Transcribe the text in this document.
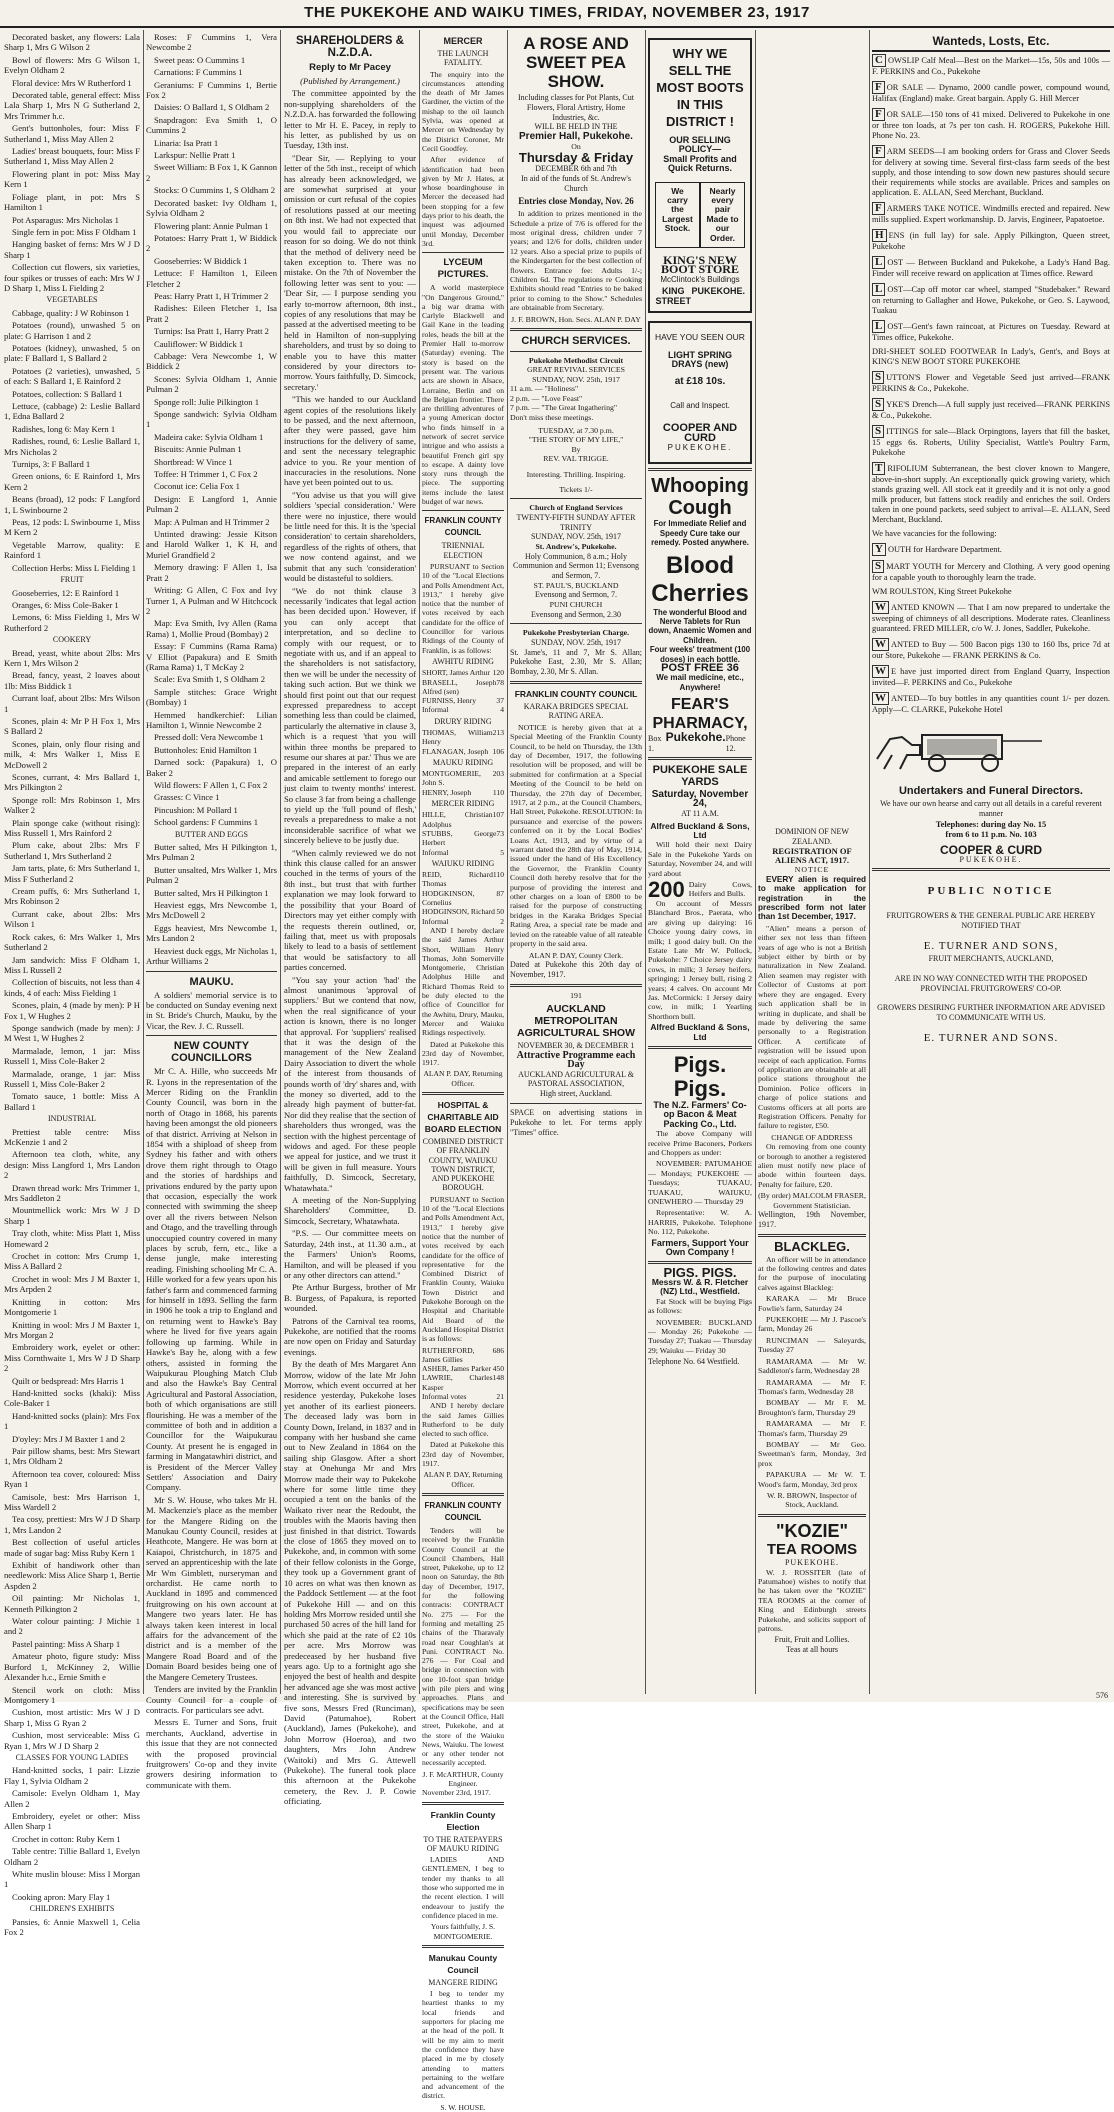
THE PUKEKOHE AND WAIKU TIMES, FRIDAY, NOVEMBER 23, 1917

Decorated basket, any flowers: Lala Sharp 1, Mrs G Wilson 2

Bowl of flowers: Mrs G Wilson 1, Evelyn Oldham 2

Floral device: Mrs W Rutherford 1

Decorated table, general effect: Miss Lala Sharp 1, Mrs N G Sutherland 2, Mrs Trimmer h.c.

Gent's buttonholes, four: Miss F Sutherland 1, Miss May Allen 2

Ladies' breast bouquets, four: Miss F Sutherland 1, Miss May Allen 2

Flowering plant in pot: Miss May Kern 1

Foliage plant, in pot: Mrs S Hamilton 1

Pot Asparagus: Mrs Nicholas 1

Single fern in pot: Miss F Oldham 1

Hanging basket of ferns: Mrs W J D Sharp 1

Collection cut flowers, six varieties, four spikes or trusses of each: Mrs W J D Sharp 1, Miss L Fielding 2

VEGETABLES

Cabbage, quality: J W Robinson 1

Potatoes (round), unwashed 5 on plate: G Harrison 1 and 2

Potatoes (kidney), unwashed, 5 on plate: F Ballard 1, S Ballard 2

Potatoes (2 varieties), unwashed, 5 of each: S Ballard 1, E Rainford 2

Potatoes, collection: S Ballard 1

Lettuce, (cabbage) 2: Leslie Ballard 1, Edna Ballard 2

Radishes, long 6: May Kern 1

Radishes, round, 6: Leslie Ballard 1, Mrs Nicholas 2

Turnips, 3: F Ballard 1

Green onions, 6: E Rainford 1, Mrs Kern 2

Beans (broad), 12 pods: F Langford 1, L Swinbourne 2

Peas, 12 pods: L Swinbourne 1, Miss M Kern 2

Vegetable Marrow, quality: E Rainford 1

Collection Herbs: Miss L Fielding 1

FRUIT

Gooseberries, 12: E Rainford 1

Oranges, 6: Miss Cole-Baker 1

Lemons, 6: Miss Fielding 1, Mrs W Rutherford 2

COOKERY

Bread, yeast, white about 2lbs: Mrs Kern 1, Mrs Wilson 2

Bread, fancy, yeast, 2 loaves about 1lb: Miss Biddick 1

Currant loaf, about 2lbs: Mrs Wilson 1

Scones, plain 4: Mr P H Fox 1, Mrs S Ballard 2

Scones, plain, only flour rising and milk, 4: Mrs Walker 1, Miss E McDowell 2

Scones, currant, 4: Mrs Ballard 1, Mrs Pilkington 2

Sponge roll: Mrs Robinson 1, Mrs Walker 2

Plain sponge cake (without rising): Miss Russell 1, Mrs Rainford 2

Plum cake, about 2lbs: Mrs F Sutherland 1, Mrs Sutherland 2

Jam tarts, plate, 6: Mrs Sutherland 1, Miss F Sutherland 2

Cream puffs, 6: Mrs Sutherland 1, Mrs Robinson 2

Currant cake, about 2lbs: Mrs Wilson 1

Rock cakes, 6: Mrs Walker 1, Mrs Sutherland 2

Jam sandwich: Miss F Oldham 1, Miss L Russell 2

Collection of biscuits, not less than 4 kinds, 4 of each: Miss Fielding 1

Scones, plain, 4 (made by men): P H Fox 1, W Hughes 2

Sponge sandwich (made by men): J M West 1, W Hughes 2

Marmalade, lemon, 1 jar: Miss Russell 1, Miss Cole-Baker 2

Marmalade, orange, 1 jar: Miss Russell 1, Miss Cole-Baker 2

Tomato sauce, 1 bottle: Miss A Ballard 1

INDUSTRIAL

Prettiest table centre: Miss McKenzie 1 and 2

Afternoon tea cloth, white, any design: Miss Langford 1, Mrs Landon 2

Drawn thread work: Mrs Trimmer 1, Mrs Saddleton 2

Mountmellick work: Mrs W J D Sharp 1

Tray cloth, white: Miss Platt 1, Miss Homeward 2

Crochet in cotton: Mrs Crump 1, Miss A Ballard 2

Crochet in wool: Mrs J M Baxter 1, Mrs Arpden 2

Knitting in cotton: Mrs Montgomerie 1

Knitting in wool: Mrs J M Baxter 1, Mrs Morgan 2

Embroidery work, eyelet or other: Miss Cornthwaite 1, Mrs W J D Sharp 2

Quilt or bedspread: Mrs Harris 1

Hand-knitted socks (khaki): Miss Cole-Baker 1

Hand-knitted socks (plain): Mrs Fox 1

D'oyley: Mrs J M Baxter 1 and 2

Pair pillow shams, best: Mrs Stewart 1, Mrs Oldham 2

Afternoon tea cover, coloured: Miss Ryan 1

Camisole, best: Mrs Harrison 1, Miss Wardell 2

Tea cosy, prettiest: Mrs W J D Sharp 1, Mrs Landon 2

Best collection of useful articles made of sugar bag: Miss Ruby Kern 1

Exhibit of handiwork other than needlework: Miss Alice Sharp 1, Bertie Aspden 2

Oil painting: Mr Nicholas 1, Kenneth Pilkington 2

Water colour painting: J Michie 1 and 2

Pastel painting: Miss A Sharp 1

Amateur photo, figure study: Miss Burford 1, McKinney 2, Willie Alexander h.c., Ernie Smith e

Stencil work on cloth: Miss Montgomery 1

Cushion, most artistic: Mrs W J D Sharp 1, Miss G Ryan 2

Cushion, most serviceable: Miss G Ryan 1, Mrs W J D Sharp 2

CLASSES FOR YOUNG LADIES

Hand-knitted socks, 1 pair: Lizzie Flay 1, Sylvia Oldham 2

Camisole: Evelyn Oldham 1, May Allen 2

Embroidery, eyelet or other: Miss Allen Sharp 1

Crochet in cotton: Ruby Kern 1

Table centre: Tillie Ballard 1, Evelyn Oldham 2

White muslin blouse: Miss I Morgan 1

Cooking apron: Mary Flay 1

CHILDREN'S EXHIBITS

Pansies, 6: Annie Maxwell 1, Celia Fox 2

Roses: F Cummins 1, Vera Newcombe 2

Sweet peas: O Cummins 1

Carnations: F Cummins 1

Geraniums: F Cummins 1, Bertie Fox 2

Daisies: O Ballard 1, S Oldham 2

Snapdragon: Eva Smith 1, O Cummins 2

Linaria: Isa Pratt 1

Larkspur: Nellie Pratt 1

Sweet William: B Fox 1, K Gannon 2

Stocks: O Cummins 1, S Oldham 2

Decorated basket: Ivy Oldham 1, Sylvia Oldham 2

Flowering plant: Annie Pulman 1

Potatoes: Harry Pratt 1, W Biddick 2

Gooseberries: W Biddick 1

Lettuce: F Hamilton 1, Eileen Fletcher 2

Peas: Harry Pratt 1, H Trimmer 2

Radishes: Eileen Fletcher 1, Isa Pratt 2

Turnips: Isa Pratt 1, Harry Pratt 2

Cauliflower: W Biddick 1

Cabbage: Vera Newcombe 1, W Biddick 2

Scones: Sylvia Oldham 1, Annie Pulman 2

Sponge roll: Julie Pilkington 1

Sponge sandwich: Sylvia Oldham 1

Madeira cake: Sylvia Oldham 1

Biscuits: Annie Pulman 1

Shortbread: W Vince 1

Toffee: H Trimmer 1, C Fox 2

Coconut ice: Celia Fox 1

Design: E Langford 1, Annie Pulman 2

Map: A Pulman and H Trimmer 2

Untinted drawing: Jessie Kitson and Harold Walker 1, K H, and Muriel Grandfield 2

Memory drawing: F Allen 1, Isa Pratt 2

Writing: G Allen, C Fox and Ivy Turner 1, A Pulman and W Hitchcock 2

Map: Eva Smith, Ivy Allen (Rama Rama) 1, Mollie Proud (Bombay) 2

Essay: F Cummins (Rama Rama) V Elliot (Papakura) and E Smith (Rama Rama) 1, T McKay 2

Scale: Eva Smith 1, S Oldham 2

Sample stitches: Grace Wright (Bombay) 1

Hemmed handkerchief: Lilian Hamilton 1, Winnie Newcombe 2

Pressed doll: Vera Newcombe 1

Buttonholes: Enid Hamilton 1

Darned sock: (Papakura) 1, O Baker 2

Wild flowers: F Allen 1, C Fox 2

Grasses: C Vince 1

Pincushion: M Pollard 1

School gardens: F Cummins 1

BUTTER AND EGGS

Butter salted, Mrs H Pilkington 1, Mrs Pulman 2

Butter unsalted, Mrs Walker 1, Mrs Pulman 2

Butter salted, Mrs H Pilkington 1

Heaviest eggs, Mrs Newcombe 1, Mrs McDowell 2

Eggs heaviest, Mrs Newcombe 1, Mrs Landon 2

Heaviest duck eggs, Mr Nicholas 1, Arthur Williams 2

MAUKU.

A soldiers' memorial service is to be conducted on Sunday evening next in St. Bride's Church, Mauku, by the Vicar, the Rev. J. C. Russell.

NEW COUNTY COUNCILLORS

Mr C. A. Hille, who succeeds Mr R. Lyons in the representation of the Mercer Riding on the Franklin County Council, was born in the north of Otago in 1868, his parents having been amongst the old pioneers of that district. Arriving at Nelson in 1854 with a shipload of sheep from Sydney his father and with others drove them right through to Otago and the stories of hardships and privations endured by the party upon that occasion, especially the work connected with swimming the sheep over all the rivers between Nelson and Otago, and the travelling through unoccupied country covered in many places by scrub, fern, etc., like a dense jungle, make interesting reading. Finishing schooling Mr C. A. Hille worked for a few years upon his father's farm and commenced farming for himself in 1893. Selling the farm in 1906 he took a trip to England and on returning went to Hawke's Bay where he lived for five years again following up farming. While in Hawke's Bay he, along with a few others, assisted in forming the Waipukurau Ploughing Match Club and also the Hawke's Bay Central Agricultural and Pastoral Association, both of which organisations are still flourishing. He was a member of the committee of both and in addition a Councillor for the Waipukurau County. At present he is engaged in farming in Mangatawhiri district, and is President of the Mercer Valley Settlers' Association and Dairy Company.

Mr S. W. House, who takes Mr H. M. Mackenzie's place as the member for the Mangere Riding on the Manukau County Council, resides at Heathcote, Mangere. He was born at Kaiapoi, Christchurch, in 1875 and served an apprenticeship with the late Mr Wm Gimblett, nurseryman and orchardist. He came north to Auckland in 1895 and commenced fruitgrowing on his own account at Mangere two years later. He has always taken keen interest in local affairs for the advancement of the district and is a member of the Mangere Road Board and of the Domain Board besides being one of the Mangere Cemetery Trustees.

Tenders are invited by the Franklin County Council for a couple of contracts. For particulars see advt.

Messrs E. Turner and Sons, fruit merchants, Auckland, advertise in this issue that they are not connected with the proposed provincial fruitgrowers' Co-op and they invite growers desiring information to communicate with them.

SHAREHOLDERS & N.Z.D.A.
Reply to Mr Pacey
(Published by Arrangement.)

The committee appointed by the non-supplying shareholders of the N.Z.D.A. has forwarded the following letter to Mr H. E. Pacey, in reply to his letter, as published by us on Tuesday, 13th inst.

"Dear Sir, — Replying to your letter of the 5th inst., receipt of which has already been acknowledged, we are somewhat surprised at your omission or curt refusal of the copies of resolutions passed at our meeting on 8th inst. We had not expected that you would fail to appreciate our reason for so doing. We do not think that the method of delivery need be taken exception to. There was no mistake. On the 7th of November the following letter was sent to you: — 'Dear Sir, — I purpose sending you early to-morrow afternoon, 8th inst., copies of any resolutions that may be passed at the advertised meeting to be held in Hamilton of non-supplying shareholders, and trust by so doing to enable you to have this matter considered by your directors to-morrow. Yours faithfully, D. Simcock, secretary.'

"This we handed to our Auckland agent copies of the resolutions likely to be passed, and the next afternoon, after they were passed, gave him instructions for the delivery of same, and sent the necessary telegraphic advice to you. Re your mention of inaccuracies in the resolutions. None have yet been pointed out to us.

"You advise us that you will give soldiers 'special consideration.' Were there were no injustice, there would be little need for this. It is the 'special consideration' to certain shareholders, regardless of the rights of others, that we now contend against, and we submit that any such 'consideration' would be distasteful to soldiers.

"We do not think clause 3 necessarily 'indicates that legal action has been decided upon.' However, if you can only accept that interpretation, and so decline to comply with our request, or to negotiate with us, and if an appeal to the shareholders is not satisfactory, then we will be under the necessity of taking such action. But we think we should first point out that our request expressed preparedness to accept something less than could be claimed, particularly the alternative in clause 3, which is a request 'that you will within three months be prepared to resume our shares at par.' Thus we are prepared in the interest of an early and amicable settlement to forego our just claim to twenty months' interest. So clause 3 far from being a challenge to yield up the 'full pound of flesh,' reveals a preparedness to make a not inconsiderable sacrifice of what we sincerely believe to be justly due.

"When calmly reviewed we do not think this clause called for an answer couched in the terms of yours of the 8th inst., but trust that with further explanation we may look forward to the possibility that your Board of Directors may yet either comply with the requests therein outlined, or, failing that, meet us with proposals likely to lead to a basis of settlement that would be satisfactory to all parties concerned.

"You say your action 'had' the almost unanimous 'approval of suppliers.' But we contend that now, when the real significance of your action is known, there is no longer that approval. For 'suppliers' realised that it was the design of the management of the New Zealand Dairy Association to divert the whole of the interest from thousands of pounds worth of 'dry' shares and, with the money so diverted, add to the already high payment of butter-fat. Nor did they realise that the section of shareholders thus wronged, was the section with the highest percentage of widows and aged. For these people we appeal for justice, and we trust it will be given in full measure. Yours faithfully, D. Simcock, Secretary, Whatawhata."

A meeting of the Non-Supplying Shareholders' Committee, D. Simcock, Secretary, Whatawhata.

"P.S. — Our committee meets on Saturday, 24th inst., at 11.30 a.m., at the Farmers' Union's Rooms, Hamilton, and will be pleased if you or any other directors can attend."

Pte Arthur Burgess, brother of Mr B. Burgess, of Papakura, is reported wounded.

Patrons of the Carnival tea rooms, Pukekohe, are notified that the rooms are now open on Friday and Saturday evenings.

By the death of Mrs Margaret Ann Morrow, widow of the late Mr John Morrow, which event occurred at her residence yesterday, Pukekohe loses yet another of its earliest pioneers. The deceased lady was born in County Down, Ireland, in 1837 and in company with her husband she came out to New Zealand in 1864 on the sailing ship Glasgow. After a short stay at Onehunga Mr and Mrs Morrow made their way to Pukekohe where for some little time they occupied a tent on the banks of the Waikato river near the Redoubt, the troubles with the Maoris having then just finished in that district. Towards the close of 1865 they moved on to Pukekohe, and, in common with some of their fellow colonists in the Gorge, they took up a Government grant of 10 acres on what was then known as the Paddock Settlement — at the foot of Pukekohe Hill — and on this holding Mrs Morrow resided until she purchased 50 acres of the hill land for which she paid at the rate of £2 10s per acre. Mrs Morrow was predeceased by her husband five years ago. Up to a fortnight ago she enjoyed the best of health and despite her advanced age she was most active and interesting. She is survived by five sons, Messrs Fred (Runciman), David (Patumahoe), Robert (Auckland), James (Pukekohe), and John Morrow (Hoeroa), and two daughters, Mrs John Andrew (Waitoki) and Mrs G. Attewell (Pukekohe). The funeral took place this afternoon at the Pukekohe cemetery, the Rev. J. P. Cowie officiating.

MERCER
THE LAUNCH FATALITY.

The enquiry into the circumstances attending the death of Mr James Gardiner, the victim of the mishap to the oil launch Sylvia, was opened at Mercer on Wednesday by the District Coroner, Mr Cecil Goodfey.

After evidence of identification had been given by Mr J. Hates, at whose boardinghouse in Mercer the deceased had been stopping for a few days prior to his death, the inquest was adjourned until Monday, December 3rd.

LYCEUM PICTURES.

A world masterpiece "On Dangerous Ground," a big war drama with Carlyle Blackwell and Gail Kane in the leading roles, heads the bill at the Premier Hall to-morrow (Saturday) evening. The story is based on the present war. The various acts are shown in Alsace, Lorraine, Berlin and on the Belgian frontier. There are thrilling adventures of a young American doctor who finds himself in a network of secret service intrigue and who assists a beautiful French girl spy to escape. A dainty love story runs through the piece. The supporting items include the latest budget of war news.

FRANKLIN COUNTY COUNCIL
TRIENNIAL ELECTION

PURSUANT to Section 10 of the "Local Elections and Polls Amendment Act, 1913," I hereby give notice that the number of votes received by each candidate for the office of Councillor for various Ridings of the County of Franklin, is as follows:

AWHITU RIDING
SHORT, James Arthur 120
BRASELL, Joseph Alfred (sen)
78
FURNISS, Henry	37
Informal	4
DRURY RIDING
THOMAS, William Henry
213
FLANAGAN, Joseph 106
MAUKU RIDING
MONTGOMERIE, John S.
203
HENRY, Joseph	110
MERCER RIDING
HILLE, Christian Adolphus
107
STUBBS, George Herbert
73
Informal	5
WAIUKU RIDING
REID, Richard Thomas
110
HODGKINSON, Cornelius
87
HODGINSON, Richard 50
Informal	2

AND I hereby declare the said James Arthur Short, William Henry Thomas, John Somerville Montgomerie, Christian Adolphus Hille and Richard Thomas Reid to be duly elected to the office of Councillor for the Awhitu, Drury, Mauku, Mercer and Waiuku Ridings respectively.

Dated at Pukekohe this 23rd day of November, 1917.

ALAN P. DAY, Returning Officer.
HOSPITAL & CHARITABLE AID BOARD ELECTION
COMBINED DISTRICT OF FRANKLIN COUNTY, WAIUKU TOWN DISTRICT, AND PUKEKOHE BOROUGH.

PURSUANT to Section 10 of the "Local Elections and Polls Amendment Act, 1913," I hereby give notice that the number of votes received by each candidate for the office of representative for the Combined District of Franklin County, Waiuku Town District and Pukekohe Borough on the Hospital and Charitable Aid Board of the Auckland Hospital District is as follows:

RUTHERFORD, James Gillies
686
ASHER, James Parker 450
LAWRIE, Charles Kasper
148
Informal votes	21

AND I hereby declare the said James Gillies Rutherford to be duly elected to such office.

Dated at Pukekohe this 23rd day of November, 1917.

ALAN P. DAY, Returning Officer.
FRANKLIN COUNTY COUNCIL

Tenders will be received by the Franklin County Council at the Council Chambers, Hall street, Pukekohe, up to 12 noon on Saturday, the 8th day of December, 1917, for the following contracts: CONTRACT No. 275 — For the forming and metalling 25 chains of the Tharavaly road near Coughlan's at Puni. CONTRACT No. 276 — For Coal and bridge in connection with one 10-foot span bridge with pile piers and wing approaches. Plans and specifications may be seen at the Council Office, Hall street, Pukekohe, and at the store of the Waiuku News, Waiuku. The lowest or any other tender not necessarily accepted.

J. F. McARTHUR, County Engineer.
November 23rd, 1917.
Franklin County Election
TO THE RATEPAYERS OF MAUKU RIDING

LADIES AND GENTLEMEN, I beg to tender my thanks to all those who supported me in the recent election. I will endeavour to justify the confidence placed in me.

Yours faithfully, J. S. MONTGOMERIE.
Manukau County Council
MANGERE RIDING

I beg to tender my heartiest thanks to my local friends and supporters for placing me at the head of the poll. It will be my aim to merit the confidence they have placed in me by closely attending to matters pertaining to the welfare and advancement of the district.

S. W. HOUSE.
A ROSE AND SWEET PEA SHOW.
Including classes for Pot Plants, Cut Flowers, Floral Artistry, Home Industries, &c.
WILL BE HELD IN THE
Premier Hall, Pukekohe.
On
Thursday & Friday
DECEMBER 6th and 7th
In aid of the funds of St. Andrew's Church
Entries close Monday, Nov. 26

In addition to prizes mentioned in the Schedule a prize of 7/6 is offered for the most original dress, children under 7 years; and 12/6 for dolls, children under 12 years. Also a special prize to pupils of the Kindergarten for the best collection of flowers. Entrance fee: Adults 1/-; Children 6d. The regulations re Cooking Exhibits should read "Entries to be baked prior to coming to the Show." Schedules are obtainable from Secretary.

J. F. BROWN, Hon. Secs. ALAN P. DAY
CHURCH SERVICES.
Pukekohe Methodist Circuit
GREAT REVIVAL SERVICES
SUNDAY, NOV. 25th, 1917
11 a.m. — "Holiness"
2 p.m. — "Love Feast"
7 p.m. — "The Great Ingathering"
Don't miss these meetings.
TUESDAY, at 7.30 p.m.
"THE STORY OF MY LIFE,"
By
REV. VAL TRIGGE.
Interesting. Thrilling. Inspiring.
Tickets 1/-
Church of England Services
TWENTY-FIFTH SUNDAY AFTER TRINITY
SUNDAY, NOV. 25th, 1917
St. Andrew's, Pukekohe.
Holy Communion, 8 a.m.; Holy Communion and Sermon 11; Evensong and Sermon, 7.
ST. PAUL'S, BUCKLAND
Evensong and Sermon, 7.
PUNI CHURCH
Evensong and Sermon, 2.30
Pukekohe Presbyterian Charge.
SUNDAY, NOV. 25th, 1917
St. Jame's, 11 and 7, Mr S. Allan; Pukekohe East, 2.30, Mr S. Allan; Bombay, 2.30, Mr S. Allan.
FRANKLIN COUNTY COUNCIL
KARAKA BRIDGES SPECIAL RATING AREA.

NOTICE is hereby given that at a Special Meeting of the Franklin County Council, to be held on Thursday, the 13th day of December, 1917, the following resolution will be proposed, and will be submitted for confirmation at a Special Meeting of the Council to be held on Thursday, the 27th day of December, 1917, at 2 p.m., at the Council Chambers, Hall Street, Pukekohe. RESOLUTION: In pursuance and exercise of the powers conferred on it by the Local Bodies' Loans Act, 1913, and by virtue of a warrant dated the 28th day of May, 1914, issued under the hand of His Excellency the Governor, the Franklin County Council doth hereby resolve that for the purpose of providing the interest and other charges on a loan of £800 to be raised for the purpose of constructing bridges in the Karaka Bridges Special Rating Area, a special rate be made and levied on the rateable value of all rateable property in the said area.

ALAN P. DAY, County Clerk.
Dated at Pukekohe this 20th day of November, 1917.
191
AUCKLAND METROPOLITAN AGRICULTURAL SHOW
NOVEMBER 30, & DECEMBER 1
Attractive Programme each Day
AUCKLAND AGRICULTURAL & PASTORAL ASSOCIATION,
High street, Auckland.
SPACE on advertising stations in Pukekohe to let. For terms apply "Times" office.
WHY WE SELL THE MOST BOOTS IN THIS DISTRICT !
OUR SELLING POLICY—
Small Profits and Quick Returns.
We carry the Largest Stock.
Nearly every pair Made to our Order.
KING'S NEW BOOT STORE
McClintock's Buildings
KING STREET
PUKEKOHE.
HAVE YOU SEEN OUR
LIGHT SPRING DRAYS (new)
at £18 10s.
Call and Inspect.
COOPER AND CURD
PUKEKOHE.
Whooping Cough
For Immediate Relief and Speedy Cure take our remedy. Posted anywhere.
Blood Cherries
The wonderful Blood and Nerve Tablets for Run down, Anaemic Women and Children.
Four weeks' treatment (100 doses) in each bottle.
POST FREE 36
We mail medicine, etc., Anywhere!
FEAR'S PHARMACY,
Box 1.
Pukekohe. Phone 12.
PUKEKOHE SALE YARDS
Saturday, November 24,
AT 11 A.M.
Alfred Buckland & Sons, Ltd

Will hold their next Dairy Sale in the Pukekohe Yards on Saturday, November 24, and will yard about

200 Dairy Cows, Heifers and Bulls.

On account of Messrs Blanchard Bros., Paerata, who are giving up dairying: 16 Choice young dairy cows, in milk; 1 good dairy bull. On the Estate Late Mr W. Pollock, Pukekohe: 7 Choice Jersey dairy cows, in milk; 3 Jersey heifers, springing; 1 Jersey bull, rising 2 years; 4 calves. On account Mr Jas. McCormick: 1 Jersey dairy cow, in milk; 1 Yearling Shorthorn bull.

Alfred Buckland & Sons, Ltd
Pigs. Pigs.
The N.Z. Farmers' Co-op Bacon & Meat Packing Co., Ltd.

The above Company will receive Prime Baconers, Porkers and Choppers as under:

NOVEMBER: PATUMAHOE — Mondays; PUKEKOHE — Tuesdays; TUAKAU, TUAKAU, WAIUKU, ONEWHERO — Thursday 29

Representative: W. A. HARRIS, Pukekohe. Telephone No. 112, Pukekohe.

Farmers, Support Your Own Company !
PIGS. PIGS.
Messrs W. & R. Fletcher (NZ) Ltd., Westfield.

Fat Stock will be buying Pigs as follows:

NOVEMBER: BUCKLAND — Monday 26; Pukekohe — Tuesday 27; Tuakau — Thursday 29; Waiuku — Friday 30

Telephone No. 64 Westfield.
DOMINION OF NEW ZEALAND.
REGISTRATION OF ALIENS ACT, 1917.
NOTICE

EVERY alien is required to make application for registration in the prescribed form not later than 1st December, 1917.

"Alien" means a person of either sex not less than fifteen years of age who is not a British subject either by birth or by naturalization in New Zealand. Alien seamen may register with Collector of Customs at port where they are engaged. Every such application shall be in writing in duplicate, and shall be made by delivering the same personally to a Registration Officer. A certificate of registration will be issued upon receipt of each application. Forms of application are obtainable at all police stations throughout the Dominion. Police officers in charge of police stations and Customs officers at all ports are Registration Officers. Penalty for failure to register, £50.

CHANGE OF ADDRESS

On removing from one county or borough to another a registered alien must notify new place of abode within fourteen days. Penalty for failure, £20.

(By order) MALCOLM FRASER, Government Statistician.
Wellington, 19th November, 1917.
BLACKLEG.

An officer will be in attendance at the following centres and dates for the purpose of inoculating calves against Blackleg:

KARAKA — Mr Bruce Fowlie's farm, Saturday 24

PUKEKOHE — Mr J. Pascoe's farm, Monday 26

RUNCIMAN — Saleyards, Tuesday 27

RAMARAMA — Mr W. Saddleton's farm, Wednesday 28

RAMARAMA — Mr F. Thomas's farm, Wednesday 28

BOMBAY — Mr F. M. Broughton's farm, Thursday 29

RAMARAMA — Mr F. Thomas's farm, Thursday 29

BOMBAY — Mr Geo. Sweetman's farm, Monday, 3rd prox

PAPAKURA — Mr W. T. Wood's farm, Monday, 3rd prox

W. R. BROWN, Inspector of Stock, Auckland.
"KOZIE"
TEA ROOMS
PUKEKOHE.

W. J. ROSSITER (late of Patumahoe) wishes to notify that he has taken over the "KOZIE" TEA ROOMS at the corner of King and Edinburgh streets Pukekohe, and solicits support of patrons.

Fruit, Fruit and Lollies.
Teas at all hours
Wanteds, Losts, Etc.
C OWSLIP Calf Meal—Best on the Market—15s, 50s and 100s — F. PERKINS and Co., Pukekohe
F OR SALE — Dynamo, 2000 candle power, compound wound, Halifax (England) make. Great bargain. Apply G. Hill Mercer
F OR SALE—150 tons of 41 mixed. Delivered to Pukekohe in one or three ton loads, at 7s per ton cash. H. ROGERS, Pukekohe Hill. Phone No. 23.
F ARM SEEDS—I am booking orders for Grass and Clover Seeds for delivery at sowing time. Several first-class farm seeds of the best supply, and those intending to sow down new pastures should secure their requirements while stocks are available. Prices and samples on application. E. ALLAN, Seed Merchant, Buckland.
F ARMERS TAKE NOTICE. Windmills erected and repaired. New mills supplied. Expert workmanship. D. Jarvis, Engineer, Papatoetoe.
H ENS (in full lay) for sale. Apply Pilkington, Queen street, Pukekohe
L OST — Between Buckland and Pukekohe, a Lady's Hand Bag. Finder will receive reward on application at Times office. Reward
L OST—Cap off motor car wheel, stamped "Studebaker." Reward on returning to Gallagher and Howe, Pukekohe, or Geo. S. Laywood, Tuakau
L OST—Gent's fawn raincoat, at Pictures on Tuesday. Reward at Times office, Pukekohe.
DRI-SHEET SOLED FOOTWEAR In Lady's, Gent's, and Boys at KING'S NEW BOOT STORE PUKEKOHE
S UTTON'S Flower and Vegetable Seed just arrived—FRANK PERKINS & Co., Pukekohe.
S YKE'S Drench—A full supply just received—FRANK PERKINS & Co., Pukekohe.
S ITTINGS for sale—Black Orpingtons, layers that fill the basket, 15 eggs 6s. Roberts, Utility Specialist, Wattle's Poultry Farm, Pukekohe
T RIFOLIUM Subterranean, the best clover known to Mangere, above-in-short supply. An exceptionally quick growing variety, which stands grazing well. All stock eat it greedily and it is not only a good milk producer, but fattens stock readily and enriches the soil. Orders taken in one pound packets, seed subject to arrival—E. ALLAN, Seed Merchant, Buckland.
We have vacancies for the following:
Y OUTH for Hardware Department.
S MART YOUTH for Mercery and Clothing. A very good opening for a capable youth to thoroughly learn the trade.
WM ROULSTON, King Street Pukekohe
W ANTED KNOWN — That I am now prepared to undertake the sweeping of chimneys of all descriptions. Moderate rates. Cleanliness guaranteed. FRED MILLER, c/o W. J. Jones, Saddler, Pukekohe.
W ANTED to Buy — 500 Bacon pigs 130 to 160 lbs, price 7d at our Store, Pukekohe — FRANK PERKINS & Co.
W E have just imported direct from England Quarry, Inspection invited—F. PERKINS and Co., Pukekohe
W ANTED—To buy bottles in any quantities count 1/- per dozen. Apply—C. CLARKE, Pukekohe Hotel
Undertakers and Funeral Directors.
We have our own hearse and carry out all details in a careful reverent manner
Telephones: during day No. 15
from 6 to 11 p.m. No. 103
COOPER & CURD
PUKEKOHE.
PUBLIC NOTICE
FRUITGROWERS & THE GENERAL PUBLIC ARE HEREBY NOTIFIED THAT
E. TURNER AND SONS,
FRUIT MERCHANTS, AUCKLAND,
ARE IN NO WAY CONNECTED WITH THE PROPOSED PROVINCIAL FRUITGROWERS' CO-OP.
GROWERS DESIRING FURTHER INFORMATION ARE ADVISED TO COMMUNICATE WITH US.
E. TURNER AND SONS.
576
